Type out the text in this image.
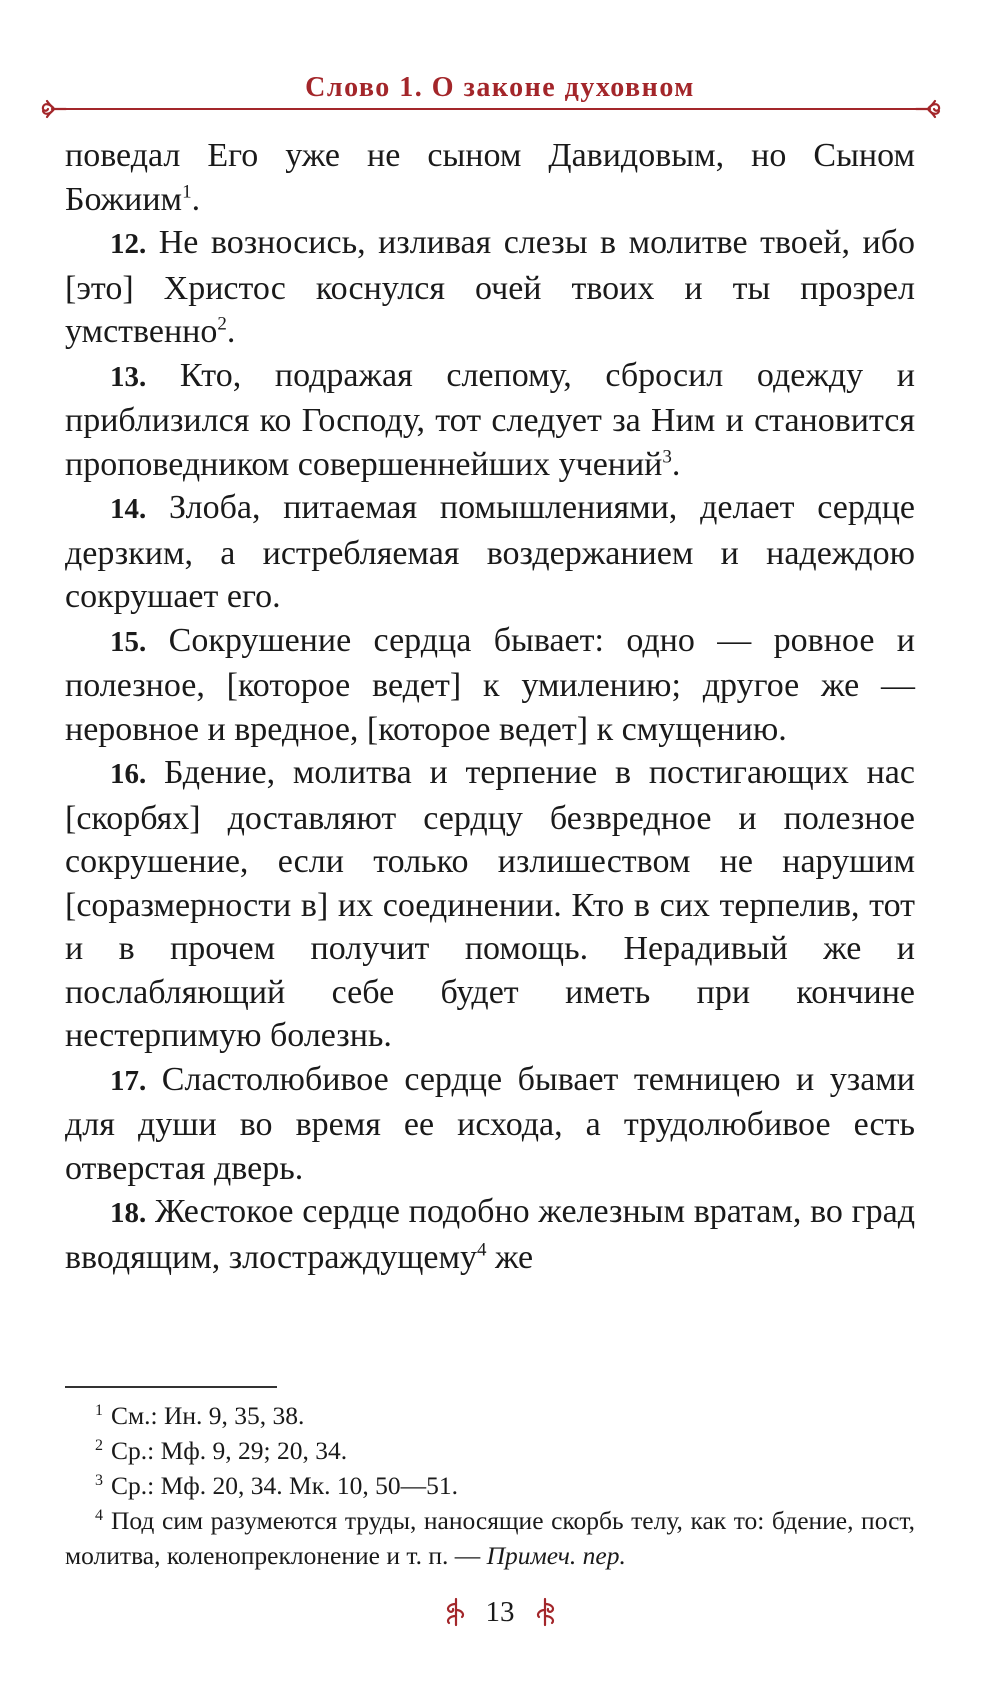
Слово 1. О законе духовном

поведал Его уже не сыном Давидовым, но Сыном Божиим$^1$.

12. Не возносись, изливая слезы в молитве твоей, ибо [это] Христос коснулся очей твоих и ты прозрел умственно$^2$.

13. Кто, подражая слепому, сбросил одежду и приблизился ко Господу, тот следует за Ним и становится проповедником совершеннейших учений$^3$.

14. Злоба, питаемая помышлениями, делает сердце дерзким, а истребляемая воздержанием и надеждою сокрушает его.

15. Сокрушение сердца бывает: одно — ровное и полезное, [которое ведет] к умилению; другое же — неровное и вредное, [которое ведет] к смущению.

16. Бдение, молитва и терпение в постигающих нас [скорбях] доставляют сердцу безвредное и полезное сокрушение, если только излишеством не нарушим [соразмерности в] их соединении. Кто в сих терпелив, тот и в прочем получит помощь. Нерадивый же и послабляющий себе будет иметь при кончине нестерпимую болезнь.

17. Сластолюбивое сердце бывает темницею и узами для души во время ее исхода, а трудолюбивое есть отверстая дверь.

18. Жестокое сердце подобно железным вратам, во град вводящим, злостраждущему$^4$ же

$^1$ См.: Ин. 9, 35, 38.

$^2$ Ср.: Мф. 9, 29; 20, 34.

$^3$ Ср.: Мф. 20, 34. Мк. 10, 50—51.

$^4$ Под сим разумеются труды, наносящие скорбь телу, как то: бдение, пост, молитва, коленопреклонение и т. п. — Примеч. пер.

13
